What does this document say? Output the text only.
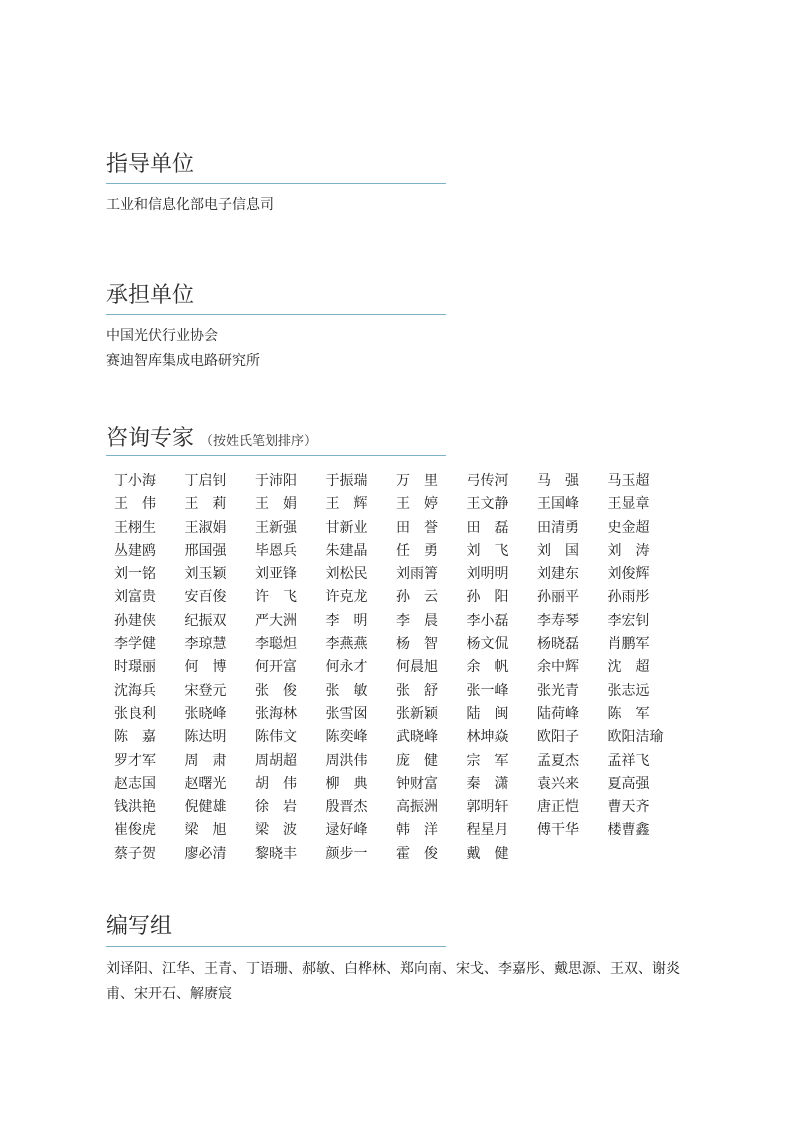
指导单位
工业和信息化部电子信息司
承担单位
中国光伏行业协会
赛迪智库集成电路研究所
咨询专家 （按姓氏笔划排序）
丁小海	丁启钊	于沛阳	于振瑞	万　里	弓传河	马　强	马玉超
王　伟	王　莉	王　娟	王　辉	王　婷	王文静	王国峰	王显章
王栩生	王淑娟	王新强	甘新业	田　誉	田　磊	田清勇	史金超
丛建鸥	邢国强	毕恩兵	朱建晶	任　勇	刘　飞	刘　国	刘　涛
刘一铭	刘玉颖	刘亚锋	刘松民	刘雨箐	刘明明	刘建东	刘俊辉
刘富贵	安百俊	许　飞	许克龙	孙　云	孙　阳	孙丽平	孙雨彤
孙建侠	纪振双	严大洲	李　明	李　晨	李小磊	李寿琴	李宏钊
李学健	李琼慧	李聪炟	李燕燕	杨　智	杨文侃	杨晓磊	肖鹏军
时璟丽	何　博	何开富	何永才	何晨旭	余　帆	余中辉	沈　超
沈海兵	宋登元	张　俊	张　敏	张　舒	张一峰	张光青	张志远
张良利	张晓峰	张海林	张雪囡	张新颖	陆　闽	陆荷峰	陈　军
陈　嘉	陈达明	陈伟文	陈奕峰	武晓峰	林坤焱	欧阳子	欧阳洁瑜
罗才军	周　肃	周胡超	周洪伟	庞　健	宗　军	孟夏杰	孟祥飞
赵志国	赵曙光	胡　伟	柳　典	钟财富	秦　潇	袁兴来	夏高强
钱洪艳	倪健雄	徐　岩	殷晋杰	高振洲	郭明轩	唐正恺	曹天齐
崔俊虎	梁　旭	梁　波	逯好峰	韩　洋	程星月	傅干华	楼曹鑫
蔡子贺	廖必清	黎晓丰	颜步一	霍　俊	戴　健
编写组
刘译阳、江华、王青、丁语珊、郝敏、白桦林、郑向南、宋戈、李嘉彤、戴思源、王双、谢炎甫、宋开石、解赓宸
